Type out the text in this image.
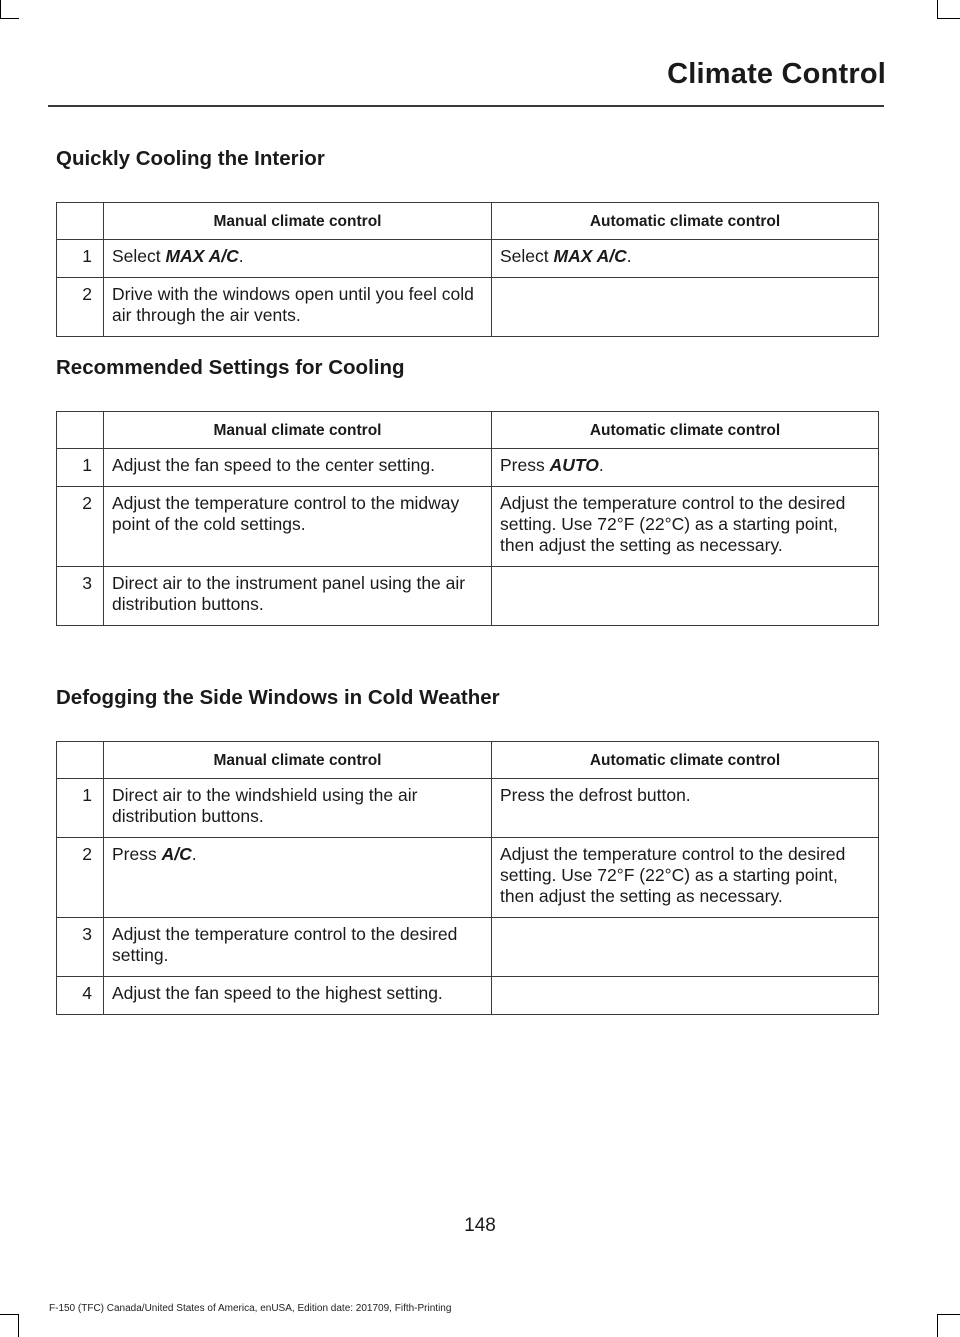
Climate Control
Quickly Cooling the Interior
	Manual climate control	Automatic climate control
1	Select MAX A/C.	Select MAX A/C.
2	Drive with the windows open until you feel cold air through the air vents.	
Recommended Settings for Cooling
	Manual climate control	Automatic climate control
1	Adjust the fan speed to the center setting.	Press AUTO.
2	Adjust the temperature control to the midway point of the cold settings.	Adjust the temperature control to the desired setting. Use 72°F (22°C) as a starting point, then adjust the setting as necessary.
3	Direct air to the instrument panel using the air distribution buttons.	
Defogging the Side Windows in Cold Weather
	Manual climate control	Automatic climate control
1	Direct air to the windshield using the air distribution buttons.	Press the defrost button.
2	Press A/C.	Adjust the temperature control to the desired setting. Use 72°F (22°C) as a starting point, then adjust the setting as necessary.
3	Adjust the temperature control to the desired setting.	
4	Adjust the fan speed to the highest setting.	
148
F-150 (TFC) Canada/United States of America, enUSA, Edition date: 201709, Fifth-Printing
